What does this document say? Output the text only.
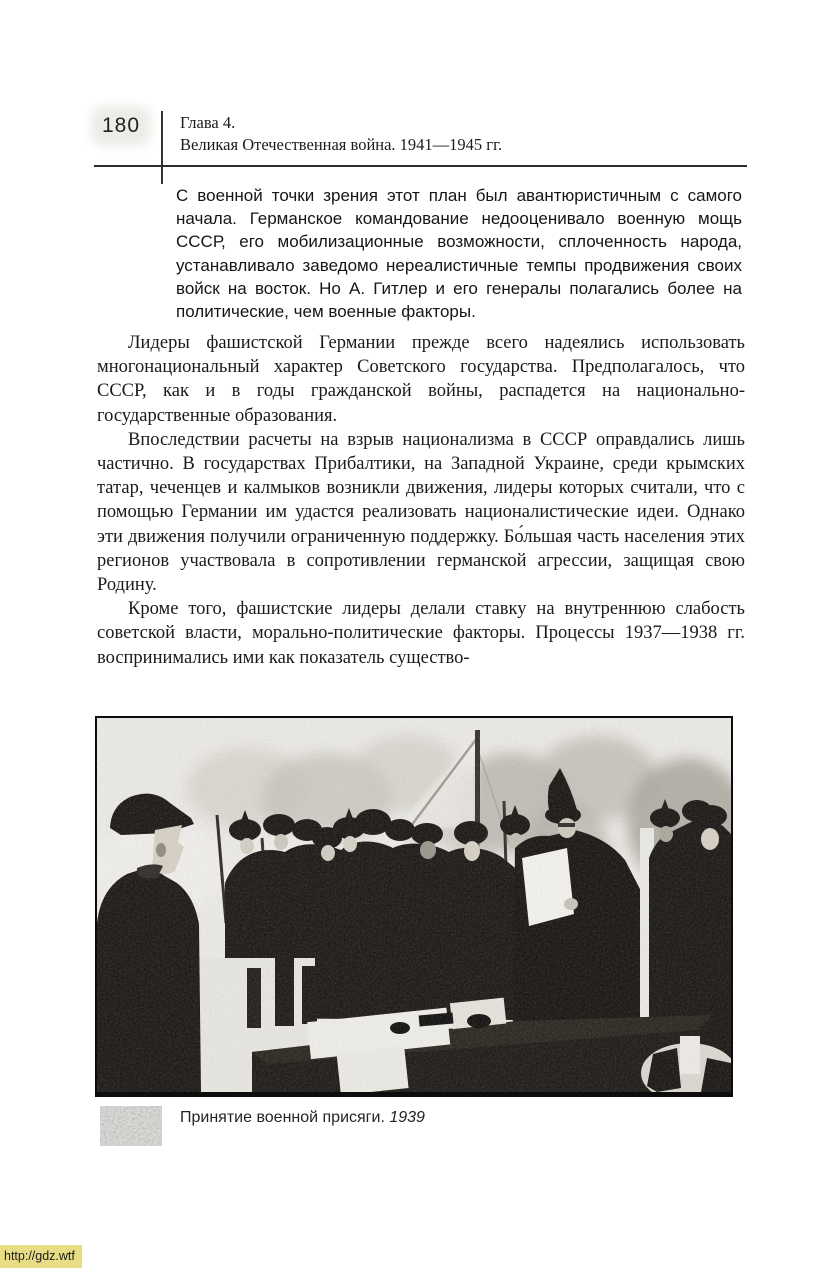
180 Глава 4.
Великая Отечественная война. 1941—1945 гг.
С военной точки зрения этот план был авантюристичным с самого начала. Германское командование недооценивало военную мощь СССР, его мобилизационные возможности, сплоченность народа, устанавливало заведомо нереалистичные темпы продвижения своих войск на восток. Но А. Гитлер и его генералы полагались более на политические, чем военные факторы.

Лидеры фашистской Германии прежде всего надеялись использовать многонациональный характер Советского государства. Предполагалось, что СССР, как и в годы гражданской войны, распадется на национально-государственные образования.

Впоследствии расчеты на взрыв национализма в СССР оправдались лишь частично. В государствах Прибалтики, на Западной Украине, среди крымских татар, чеченцев и калмыков возникли движения, лидеры которых считали, что с помощью Германии им удастся реализовать националистические идеи. Однако эти движения получили ограниченную поддержку. Бо́льшая часть населения этих регионов участвовала в сопротивлении германской агрессии, защищая свою Родину.

Кроме того, фашистские лидеры делали ставку на внутреннюю слабость советской власти, морально-политические факторы. Процессы 1937—1938 гг. воспринимались ими как показатель существо-

Принятие военной присяги. 1939
http://gdz.wtf
